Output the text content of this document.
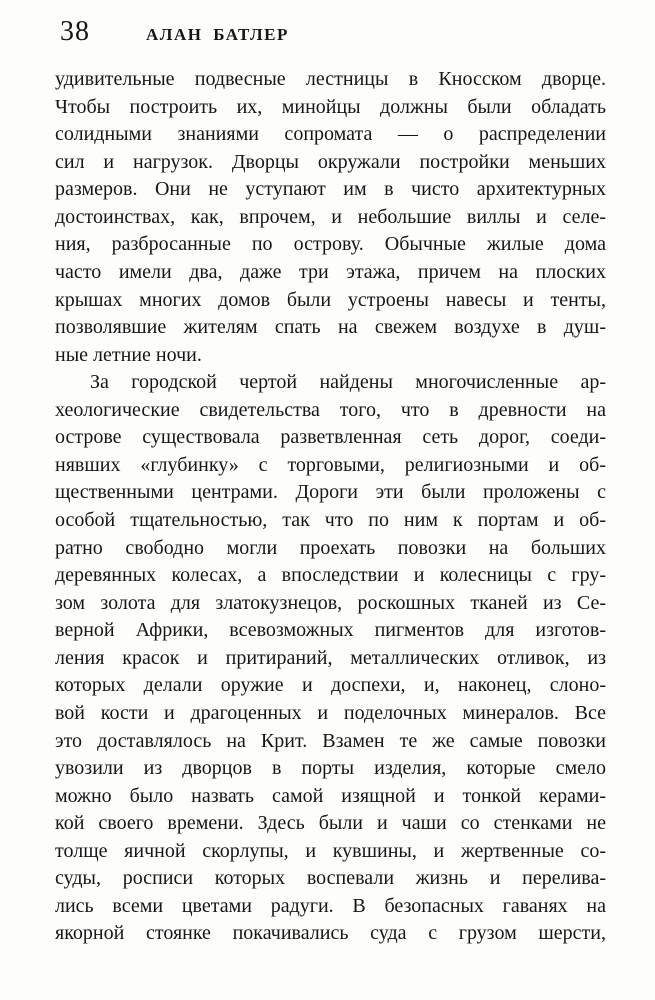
38	АЛАН БАТЛЕР
удивительные подвесные лестницы в Кносском дворце.
Чтобы построить их, минойцы должны были обладать
солидными знаниями сопромата — о распределении
сил и нагрузок. Дворцы окружали постройки меньших
размеров. Они не уступают им в чисто архитектурных
достоинствах, как, впрочем, и небольшие виллы и селе-
ния, разбросанные по острову. Обычные жилые дома
часто имели два, даже три этажа, причем на плоских
крышах многих домов были устроены навесы и тенты,
позволявшие жителям спать на свежем воздухе в душ-
ные летние ночи.
За городской чертой найдены многочисленные ар-
хеологические свидетельства того, что в древности на
острове существовала разветвленная сеть дорог, соеди-
нявших «глубинку» с торговыми, религиозными и об-
щественными центрами. Дороги эти были проложены с
особой тщательностью, так что по ним к портам и об-
ратно свободно могли проехать повозки на больших
деревянных колесах, а впоследствии и колесницы с гру-
зом золота для златокузнецов, роскошных тканей из Се-
верной Африки, всевозможных пигментов для изготов-
ления красок и притираний, металлических отливок, из
которых делали оружие и доспехи, и, наконец, слоно-
вой кости и драгоценных и поделочных минералов. Все
это доставлялось на Крит. Взамен те же самые повозки
увозили из дворцов в порты изделия, которые смело
можно было назвать самой изящной и тонкой керами-
кой своего времени. Здесь были и чаши со стенками не
толще яичной скорлупы, и кувшины, и жертвенные со-
суды, росписи которых воспевали жизнь и перелива-
лись всеми цветами радуги. В безопасных гаванях на
якорной стоянке покачивались суда с грузом шерсти,
